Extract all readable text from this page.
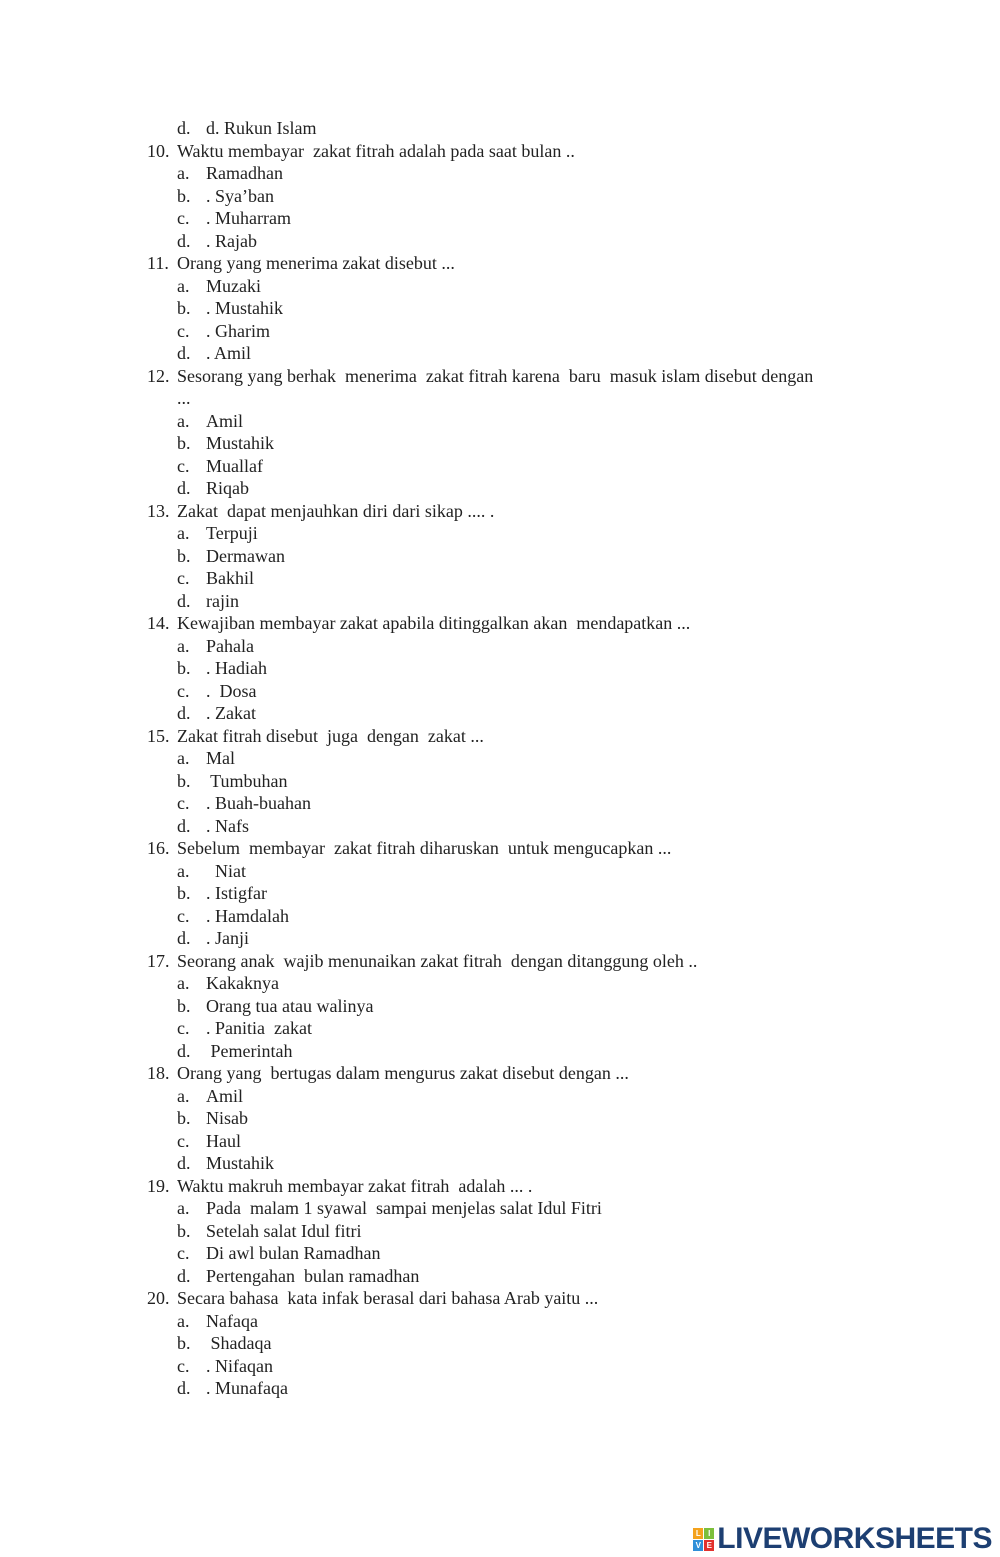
d. d. Rukun Islam
10. Waktu membayar  zakat fitrah adalah pada saat bulan ..
a. Ramadhan
b. . Sya’ban
c. . Muharram
d. . Rajab
11. Orang yang menerima zakat disebut ...
a. Muzaki
b. . Mustahik
c. . Gharim
d. . Amil
12. Sesorang yang berhak  menerima  zakat fitrah karena  baru  masuk islam disebut dengan ...
a. Amil
b. Mustahik
c. Muallaf
d. Riqab
13. Zakat  dapat menjauhkan diri dari sikap .... .
a. Terpuji
b. Dermawan
c. Bakhil
d. rajin
14. Kewajiban membayar zakat apabila ditinggalkan akan  mendapatkan ...
a. Pahala
b. . Hadiah
c. .  Dosa
d. . Zakat
15. Zakat fitrah disebut  juga  dengan  zakat ...
a. Mal
b. Tumbuhan
c. . Buah-buahan
d. . Nafs
16. Sebelum  membayar  zakat fitrah diharuskan  untuk mengucapkan ...
a. Niat
b. . Istigfar
c. . Hamdalah
d. . Janji
17. Seorang anak  wajib menunaikan zakat fitrah  dengan ditanggung oleh ..
a. Kakaknya
b. Orang tua atau walinya
c. . Panitia  zakat
d. Pemerintah
18. Orang yang  bertugas dalam mengurus zakat disebut dengan ...
a. Amil
b. Nisab
c. Haul
d. Mustahik
19. Waktu makruh membayar zakat fitrah  adalah ... .
a. Pada  malam 1 syawal  sampai menjelas salat Idul Fitri
b. Setelah salat Idul fitri
c. Di awl bulan Ramadhan
d. Pertengahan  bulan ramadhan
20. Secara bahasa  kata infak berasal dari bahasa Arab yaitu ...
a. Nafaqa
b. Shadaqa
c. . Nifaqan
d. . Munafaqa
L I
V E LIVEWORKSHEETS
